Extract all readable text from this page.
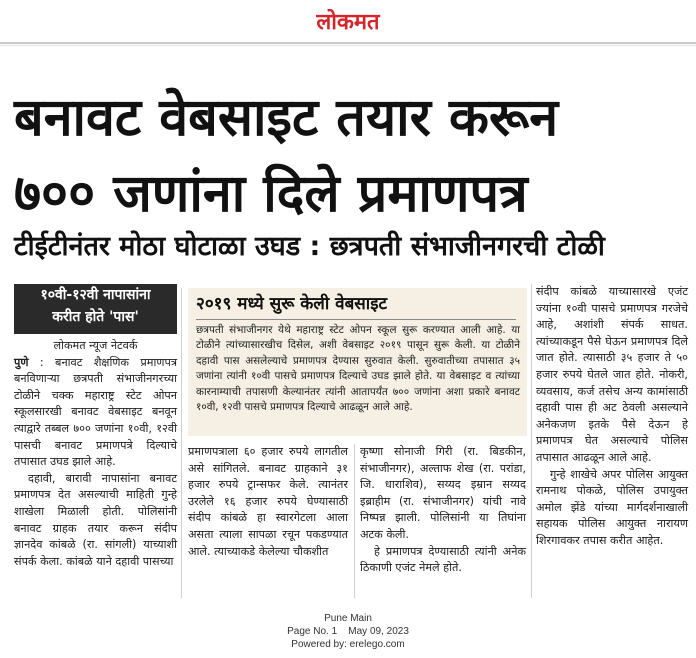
लोकमत
बनावट वेबसाइट तयार करून
७०० जणांना दिले प्रमाणपत्र
टीईटीनंतर मोठा घोटाळा उघड : छत्रपती संभाजीनगरची टोळी
१०वी-१२वी नापासांना
करीत होते 'पास'

लोकमत न्यूज नेटवर्क

पुणे : बनावट शैक्षणिक प्रमाणपत्र बनविणाऱ्या छत्रपती संभाजीनगरच्या टोळीने चक्क महाराष्ट्र स्टेट ओपन स्कूलसारखी बनावट वेबसाइट बनवून त्याद्वारे तब्बल ७०० जणांना १०वी, १२वी पासची बनावट प्रमाणपत्रे दिल्याचे तपासात उघड झाले आहे.

दहावी, बारावी नापासांना बनावट प्रमाणपत्र देत असल्याची माहिती गुन्हे शाखेला मिळाली होती. पोलिसांनी बनावट ग्राहक तयार करून संदीप ज्ञानदेव कांबळे (रा. सांगली) याच्याशी संपर्क केला. कांबळे याने दहावी पासच्या

२०१९ मध्ये सुरू केली वेबसाइट
छत्रपती संभाजीनगर येथे महाराष्ट्र स्टेट ओपन स्कूल सुरू करण्यात आली आहे. या टोळीने त्यांच्यासारखीच दिसेल, अशी वेबसाइट २०१९ पासून सुरू केली. या टोळीने दहावी पास असलेल्याचे प्रमाणपत्र देण्यास सुरुवात केली. सुरुवातीच्या तपासात ३५ जणांना त्यांनी १०वी पासचे प्रमाणपत्र दिल्याचे उघड झाले होते. या वेबसाइट व त्यांच्या कारनाम्याची तपासणी केल्यानंतर त्यांनी आतापर्यंत ७०० जणांना अशा प्रकारे बनावट १०वी, १२वी पासचे प्रमाणपत्र दिल्याचे आढळून आले आहे.

प्रमाणपत्राला ६० हजार रुपये लागतील असे सांगितले. बनावट ग्राहकाने ३१ हजार रुपये ट्रान्सफर केले. त्यानंतर उरलेले १६ हजार रुपये घेण्यासाठी संदीप कांबळे हा स्वारगेटला आला असता त्याला सापळा रचून पकडण्यात आले. त्याच्याकडे केलेल्या चौकशीत

कृष्णा सोनाजी गिरी (रा. बिडकीन, संभाजीनगर), अल्ताफ शेख (रा. परांडा, जि. धाराशिव), सय्यद इम्रान सय्यद इब्राहीम (रा. संभाजीनगर) यांची नावे निष्पन्न झाली. पोलिसांनी या तिघांना अटक केली.

हे प्रमाणपत्र देण्यासाठी त्यांनी अनेक ठिकाणी एजंट नेमले होते.

संदीप कांबळे याच्यासारखे एजंट ज्यांना १०वी पासचे प्रमाणपत्र गरजेचे आहे, अशांशी संपर्क साधत. त्यांच्याकडून पैसे घेऊन प्रमाणपत्र दिले जात होते. त्यासाठी ३५ हजार ते ५० हजार रुपये घेतले जात होते. नोकरी, व्यवसाय, कर्ज तसेच अन्य कामांसाठी दहावी पास ही अट ठेवली असल्याने अनेकजण इतके पैसे देऊन हे प्रमाणपत्र घेत असल्याचे पोलिस तपासात आढळून आले आहे.

गुन्हे शाखेचे अपर पोलिस आयुक्त रामनाथ पोकळे, पोलिस उपायुक्त अमोल झेंडे यांच्या मार्गदर्शनाखाली सहायक पोलिस आयुक्त नारायण शिरगावकर तपास करीत आहेत.

Pune Main
Page No. 1 May 09, 2023
Powered by: erelego.com
